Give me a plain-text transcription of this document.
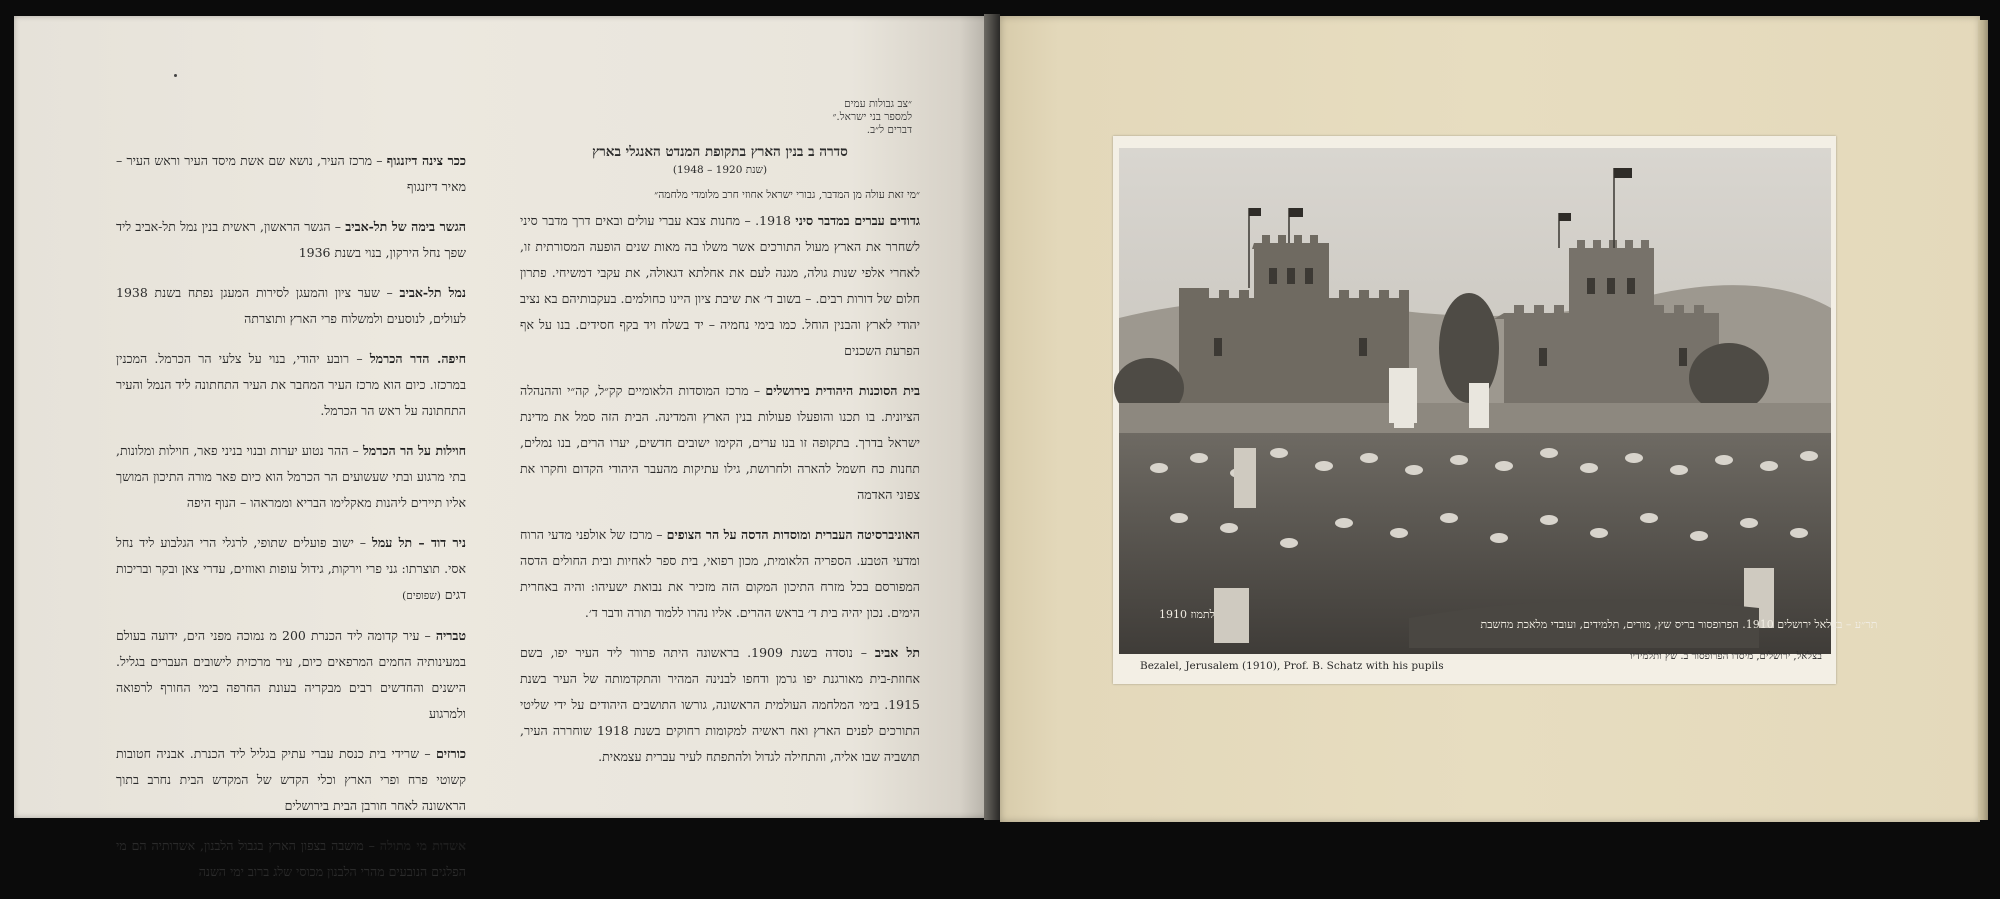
״צב גבולות עמים
למספר בני ישראל.״
דברים ל״ב.
סדרה ב בנין הארץ בתקופת המנדט האנגלי בארץ
(שנת 1920 – 1948)
״מי זאת עולה מן המדבר, גבורי ישראל אחוזי חרב מלומדי מלחמה״

גדודים עברים במדבר סיני 1918. – מחנות צבא עברי עולים ובאים דרך מדבר סיני לשחרר את הארץ מעול התורכים אשר משלו בה מאות שנים הופעה המסורתית זו, לאחרי אלפי שנות גולה, מגנה לעם את אחלתא דגאולה, את עקבי דמשיחי. פתרון חלום של דורות רבים. – בשוב ד׳ את שיבת ציון היינו כחולמים. בעקבותיהם בא נציב יהודי לארץ והבנין הוחל. כמו בימי נחמיה – יד בשלח ויד בקף חסידים. בנו על אף הפרעת השכנים

בית הסוכנות היהודית בירושלים – מרכז המוסדות הלאומיים קק״ל, קה״י וההנהלה הציונית. בו תכנו והופעלו פעולות בנין הארץ והמדינה. הבית הזה סמל את מדינת ישראל בדרך. בתקופה זו בנו ערים, הקימו ישובים חדשים, יערו הרים, בנו נמלים, תחנות כח חשמל להארה ולחרושת, גילו עתיקות מהעבר היהודי הקדום וחקרו את צפוני האדמה

האוניברסיטה העברית ומוסדות הדסה על הר הצופים – מרכז של אולפני מדעי הרוח ומדעי הטבע. הספריה הלאומית, מכון רפואי, בית ספר לאחיות ובית החולים הדסה המפורסם בכל מזרח התיכון המקום הזה מזכיר את נבואת ישעיהו: והיה באחרית הימים. נכון יהיה בית ד׳ בראש ההרים. אליו נהרו ללמוד תורה ודבר ד׳.

תל אביב – נוסדה בשנת 1909. בראשונה היתה פרוור ליד העיר יפו, בשם אחוזת-בית מאורגנת יפו גרמן ודחפו לבנינה המהיר והתקדמותה של העיר בשנת 1915. בימי המלחמה העולמית הראשונה, גורשו התושבים היהודים על ידי שליטי התורכים לפנים הארץ ואח ראשיה למקומות רחוקים בשנת 1918 שוחררה העיר, תושביה שבו אליה, והתחילה לגדול ולהתפתח לעיר עברית עצמאית.

ככר צינה דיזנגוף – מרכז העיר, נושא שם אשת מיסד העיר וראש העיר – מאיר דיזנגוף

הגשר בימה של תל-אביב – הגשר הראשון, ראשית בנין נמל תל-אביב ליד שפך נחל הירקון, בנוי בשנת 1936

נמל תל-אביב – שער ציון והמעגן לסירות המעגן נפתח בשנת 1938 לעולים, לנוסעים ולמשלוח פרי הארץ ותוצרתה

חיפה. הדר הכרמל – רובע יהודי, בנוי על צלעי הר הכרמל. המכנין במרכזו. כיום הוא מרכז העיר המחבר את העיר התחתונה ליד הנמל והעיר התחתונה על ראש הר הכרמל.

חוילות על הר הכרמל – ההר נטוע יערות ובנוי בניני פאר, חוילות ומלונות, בתי מרגוע ובתי שעשועים הר הכרמל הוא כיום פאר מורה התיכון המושך אליו תיירים ליהנות מאקלימו הבריא וממראהו – הנוף היפה

ניר דוד – תל עמל – ישוב פועלים שתופי, לרגלי הרי הגלבוע ליד נחל אסי. תוצרתו: גני פרי וירקות, גידול עופות ואווזים, עדרי צאן ובקר ובריכות דגים (שפופים)

טבריה – עיר קדומה ליד הכנרת 200 מ נמוכה מפני הים, ידועה בעולם במעינותיה החמים המרפאים כיום, עיר מרכזית לישובים העברים בגליל. הישנים והחדשים רבים מבקריה בעונת החרפה בימי החורף לרפואה ולמרגוע

כורזים – שרידי בית כנסת עברי עתיק בגליל ליד הכנרת. אבניה חטובות קשוטי פרח ופרי הארץ וכלי הקדש של המקדש הבית נחרב בתוך הראשונה לאחר חורבן הבית בירושלים

אשדות מי מתולה – מושבה בצפון הארץ בגבול הלבנון, אשדותיה הם מי הפלגים הנובעים מהרי הלבנון מכוסי שלג ברוב ימי השנה

תר״ע – בצלאל ירושלים 1910. הפרופסור בריס שץ, מורים, תלמידים, ועובדי מלאכת מחשבת
לתמוז 1910
Bezalel, Jerusalem (1910), Prof. B. Schatz with his pupils
בצלאל, ירושלים, מיסדו הפרופסור ב. שץ ותלמידיו
